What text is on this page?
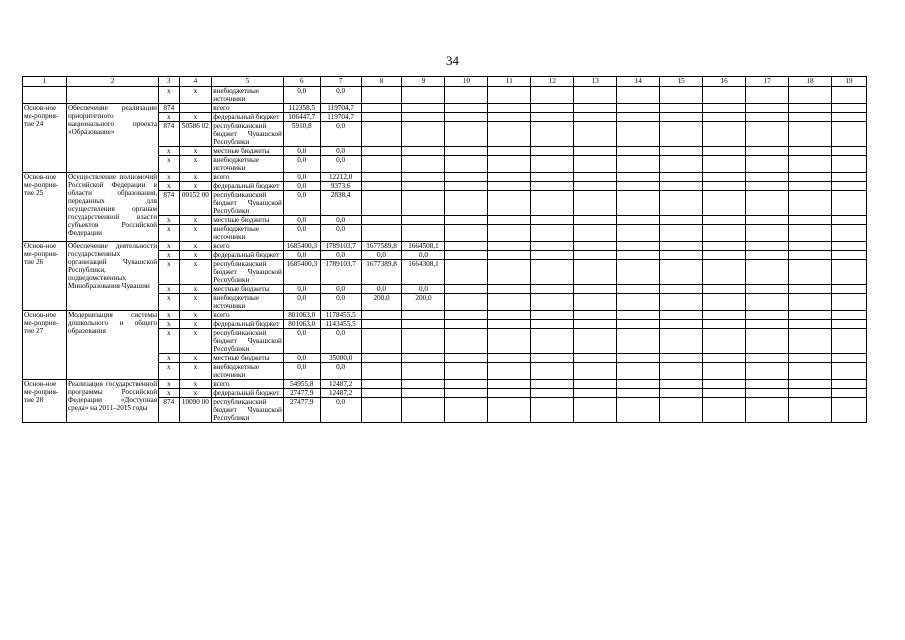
34
1	2	3	4	5	6	7	8	9	10	11	12	13	14	15	16	17	18	19
		х	х	внебюджетные источники	0,0	0,0												
Основ-ное ме-роприя-тие 24	Обеспечение реализации приоритетного национального проекта «Образование»	874		всего	112358,5	119704,7												
		х	х	федеральный бюджет	106447,7	119704,7												
		874	50586 02	республиканский бюджет Чувашской Республики	5910,8	0,0												
		х	х	местные бюджеты	0,0	0,0												
		х	х	внебюджетные источники	0,0	0,0												
Основ-ное ме-роприя-тие 25	Осуществление полномочий Российской Федерации в области образования, переданных для осуществления органам государственной власти субъектов Российской Федерации	х	х	всего	0,0	12212,0												
		х	х	федеральный бюджет	0,0	9373,6												
		874	00152 00	республиканский бюджет Чувашской Республики	0,0	2838,4												
		х	х	местные бюджеты	0,0	0,0												
		х	х	внебюджетные источники	0,0	0,0												
Основ-ное ме-роприя-тие 26	Обеспечение деятельности государственных организаций Чувашской Республики, подведомственных Минобразования Чувашии	х	х	всего	1685400,3	1789103,7	1677589,8	1664508,1										
		х	х	федеральный бюджет	0,0	0,0	0,0	0,0										
		х	х	республиканский бюджет Чувашской Республики	1685400,3	1789103,7	1677389,8	1664308,1										
		х	х	местные бюджеты	0,0	0,0	0,0	0,0										
		х	х	внебюджетные источники	0,0	0,0	200,0	200,0										
Основ-ное ме-роприя-тие 27	Модернизация системы дошкольного и общего образования	х	х	всего	801063,0	1178455,5												
		х	х	федеральный бюджет	801063,0	1143455,5												
		х	х	республиканский бюджет Чувашской Республики	0,0	0,0												
		х	х	местные бюджеты	0,0	35000,0												
		х	х	внебюджетные источники	0,0	0,0												
Основ-ное ме-роприя-тие 28	Реализация государственной программы Российской Федерации «Доступная среда» на 2011–2015 годы	х	х	всего	54955,8	12487,2												
		х	х	федеральный бюджет	27477,9	12487,2												
		874	10090 00	республиканский бюджет Чувашской Республики	27477,9	0,0												
